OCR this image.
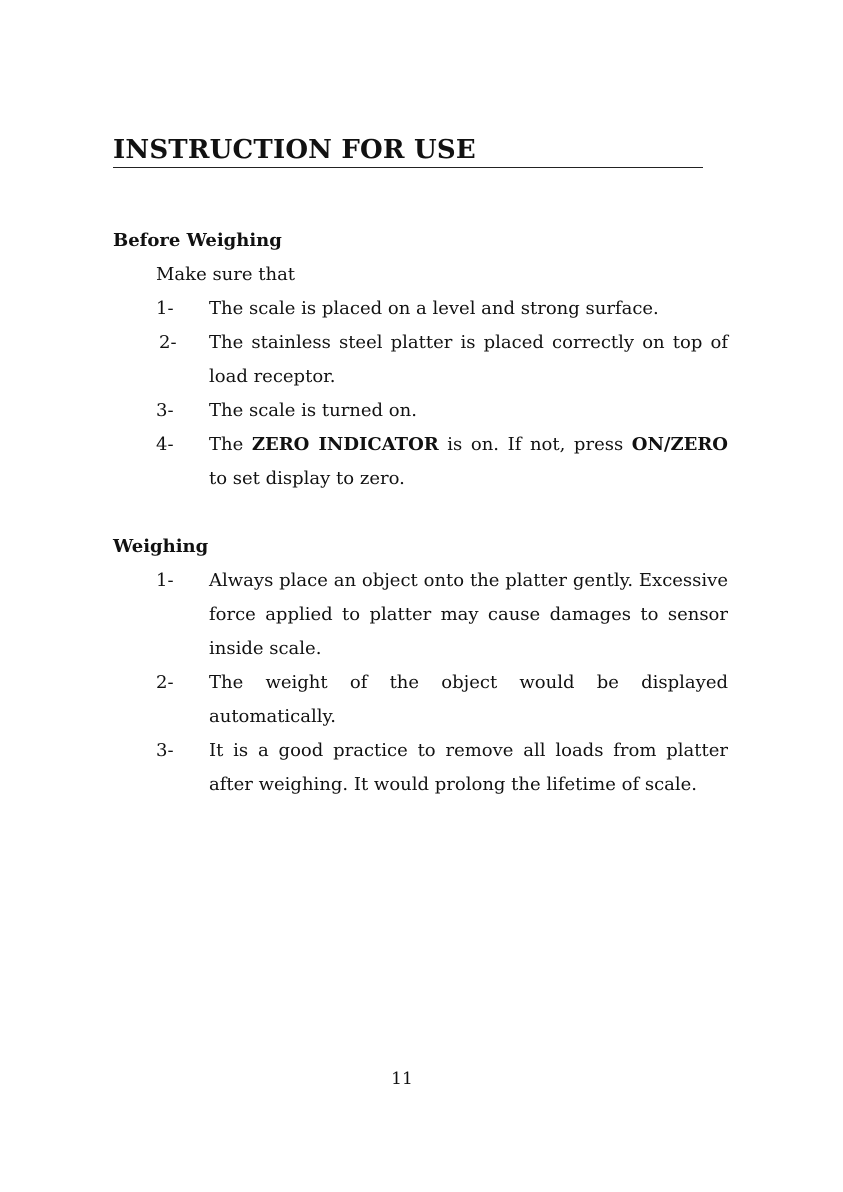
INSTRUCTION FOR USE
Before Weighing
Make sure that
1-	The scale is placed on a level and strong surface.
2-	The stainless steel platter is placed correctly on top of load receptor.
3-	The scale is turned on.
4-	The ZERO INDICATOR is on. If not, press ON/ZERO to set display to zero.
Weighing
1-	Always place an object onto the platter gently. Excessive force applied to platter may cause damages to sensor inside scale.
2-	The weight of the object would be displayed automatically.
3-	It is a good practice to remove all loads from platter after weighing. It would prolong the lifetime of scale.
11
